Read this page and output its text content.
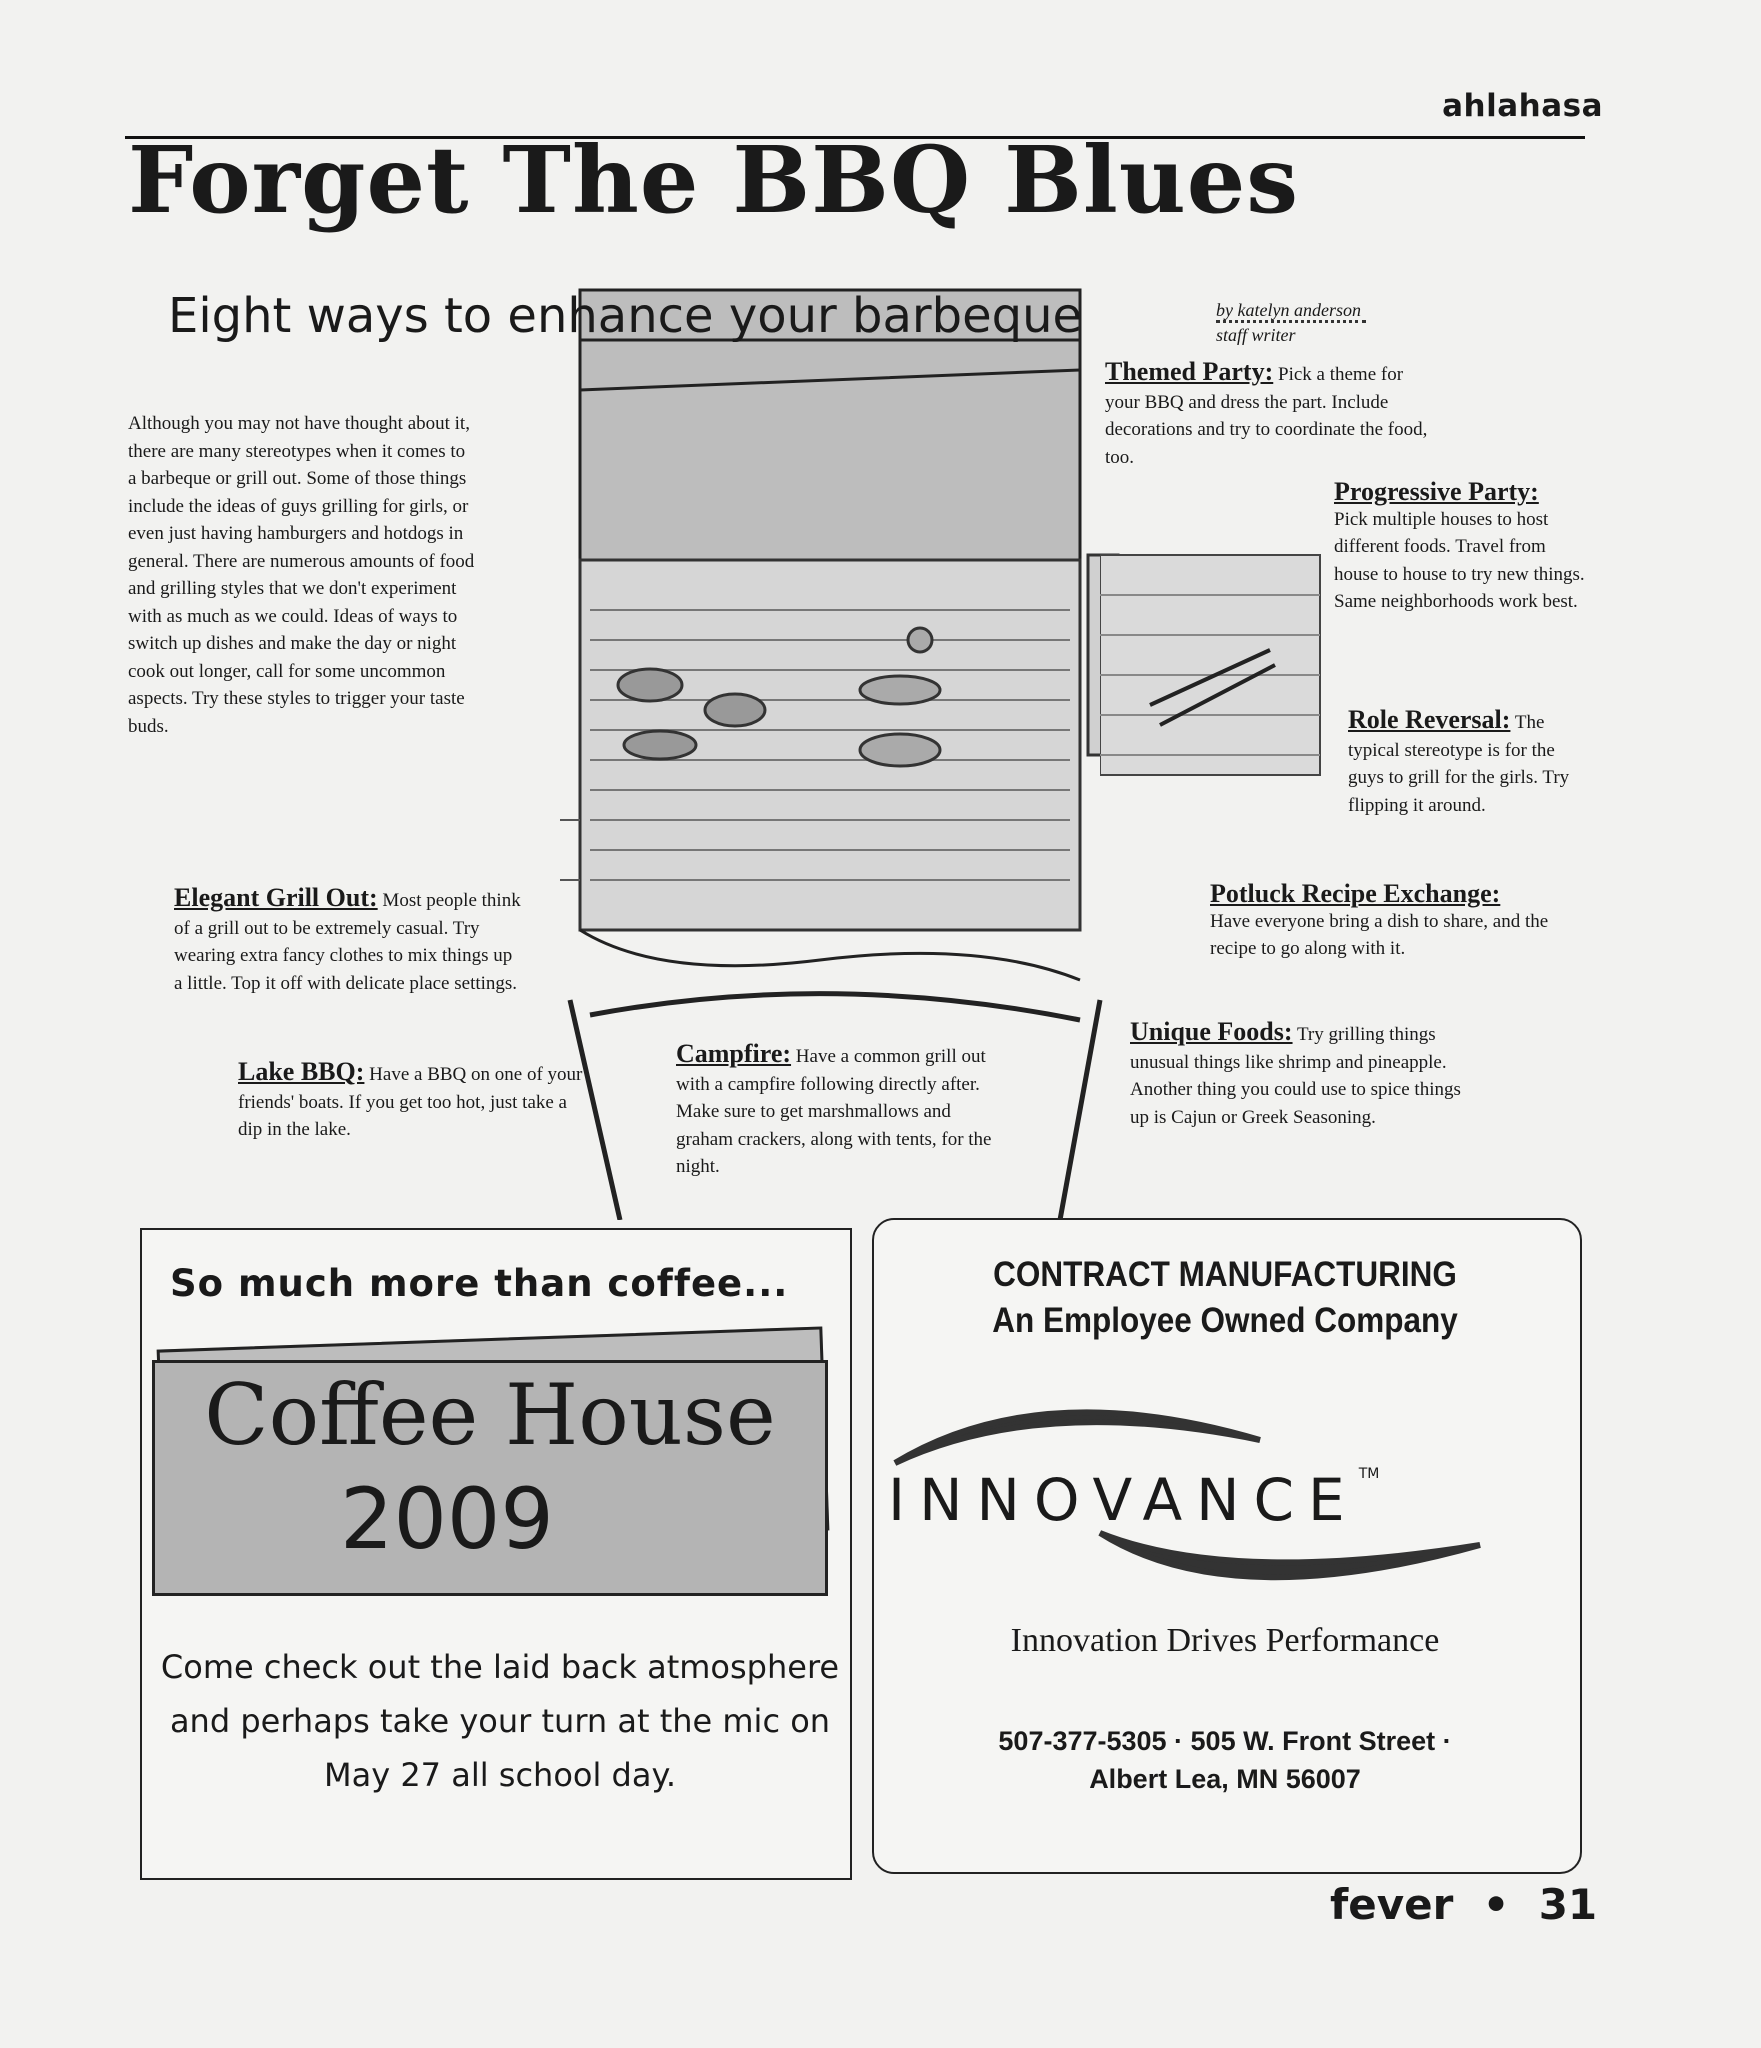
ahlahasa
Forget The BBQ Blues
Eight ways to enhance your barbeque	by katelyn anderson
staff writer
Although you may not have thought about it, there are many stereotypes when it comes to a barbeque or grill out. Some of those things include the ideas of guys grilling for girls, or even just having hamburgers and hotdogs in general. There are numerous amounts of food and grilling styles that we don't experiment with as much as we could. Ideas of ways to switch up dishes and make the day or night cook out longer, call for some uncommon aspects. Try these styles to trigger your taste buds.
Themed Party: Pick a theme for your BBQ and dress the part. Include decorations and try to coordinate the food, too.
Progressive Party:
Pick multiple houses to host different foods. Travel from house to house to try new things. Same neighborhoods work best.
Role Reversal: The typical stereotype is for the guys to grill for the girls. Try flipping it around.
Elegant Grill Out: Most people think of a grill out to be extremely casual. Try wearing extra fancy clothes to mix things up a little. Top it off with delicate place settings.
Potluck Recipe Exchange:
Have everyone bring a dish to share, and the recipe to go along with it.
Lake BBQ: Have a BBQ on one of your friends' boats. If you get too hot, just take a dip in the lake.
Campfire: Have a common grill out with a campfire following directly after. Make sure to get marshmallows and graham crackers, along with tents, for the night.
Unique Foods: Try grilling things unusual things like shrimp and pineapple. Another thing you could use to spice things up is Cajun or Greek Seasoning.
So much more than coffee...
Coffee House
2009
Come check out the laid back atmosphere and perhaps take your turn at the mic on May 27 all school day.
CONTRACT MANUFACTURING
An Employee Owned Company
INNOVANCE™
Innovation Drives Performance
507-377-5305 · 505 W. Front Street ·
Albert Lea, MN 56007
fever  •  31
